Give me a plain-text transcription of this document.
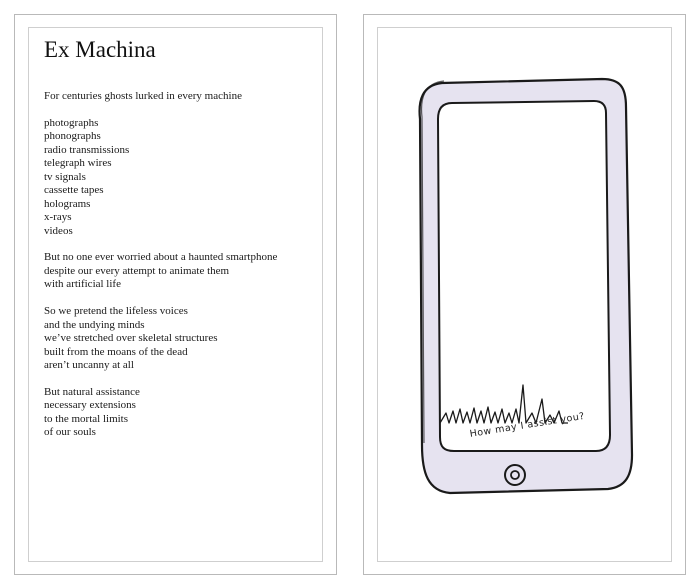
Ex Machina
For centuries ghosts lurked in every machine
photographs
phonographs
radio transmissions
telegraph wires
tv signals
cassette tapes
holograms
x-rays
videos
But no one ever worried about a haunted smartphone
despite our every attempt to animate them
with artificial life
So we pretend the lifeless voices
and the undying minds
we’ve stretched over skeletal structures
built from the moans of the dead
aren’t uncanny at all
But natural assistance
necessary extensions
to the mortal limits
of our souls	How may I assist you?
